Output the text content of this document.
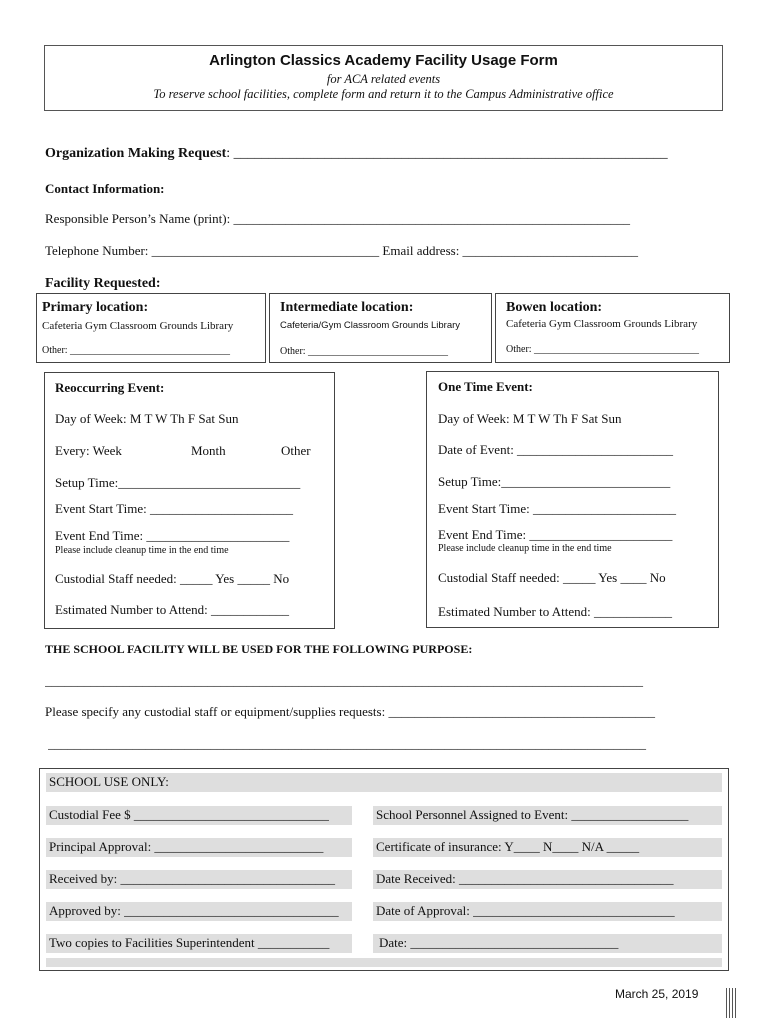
Arlington Classics Academy Facility Usage Form
for ACA related events
To reserve school facilities, complete form and return it to the Campus Administrative office
Organization Making Request: ______________________________________________________________
Contact Information:
Responsible Person’s Name (print): _____________________________________________________________
Telephone Number: ___________________________________ Email address: ___________________________
Facility Requested:
Primary location:
Cafeteria Gym Classroom Grounds Library
Other: ________________________________
Intermediate location:
Cafeteria/Gym Classroom Grounds Library
Other: ____________________________
Bowen location:
Cafeteria Gym Classroom Grounds Library
Other: _________________________________
Reoccurring Event:
Day of Week: M T W Th F Sat Sun
Every: Week	Month	Other
Setup Time:____________________________
Event Start Time: ______________________
Event End Time: ______________________
Please include cleanup time in the end time
Custodial Staff needed: _____ Yes _____ No
Estimated Number to Attend: ____________
One Time Event:
Day of Week: M T W Th F Sat Sun
Date of Event: ________________________
Setup Time:__________________________
Event Start Time: ______________________
Event End Time: ______________________
Please include cleanup time in the end time
Custodial Staff needed: _____ Yes ____ No
Estimated Number to Attend: ____________
THE SCHOOL FACILITY WILL BE USED FOR THE FOLLOWING PURPOSE:
____________________________________________________________________________________________
Please specify any custodial staff or equipment/supplies requests: _________________________________________
____________________________________________________________________________________________
SCHOOL USE ONLY:
Custodial Fee $ ______________________________	School Personnel Assigned to Event: __________________
Principal Approval: __________________________	Certificate of insurance: Y____ N____ N/A _____
Received by: _________________________________	Date Received: _________________________________
Approved by: _________________________________	Date of Approval: _______________________________
Two copies to Facilities Superintendent ___________	Date: ________________________________
March 25, 2019
